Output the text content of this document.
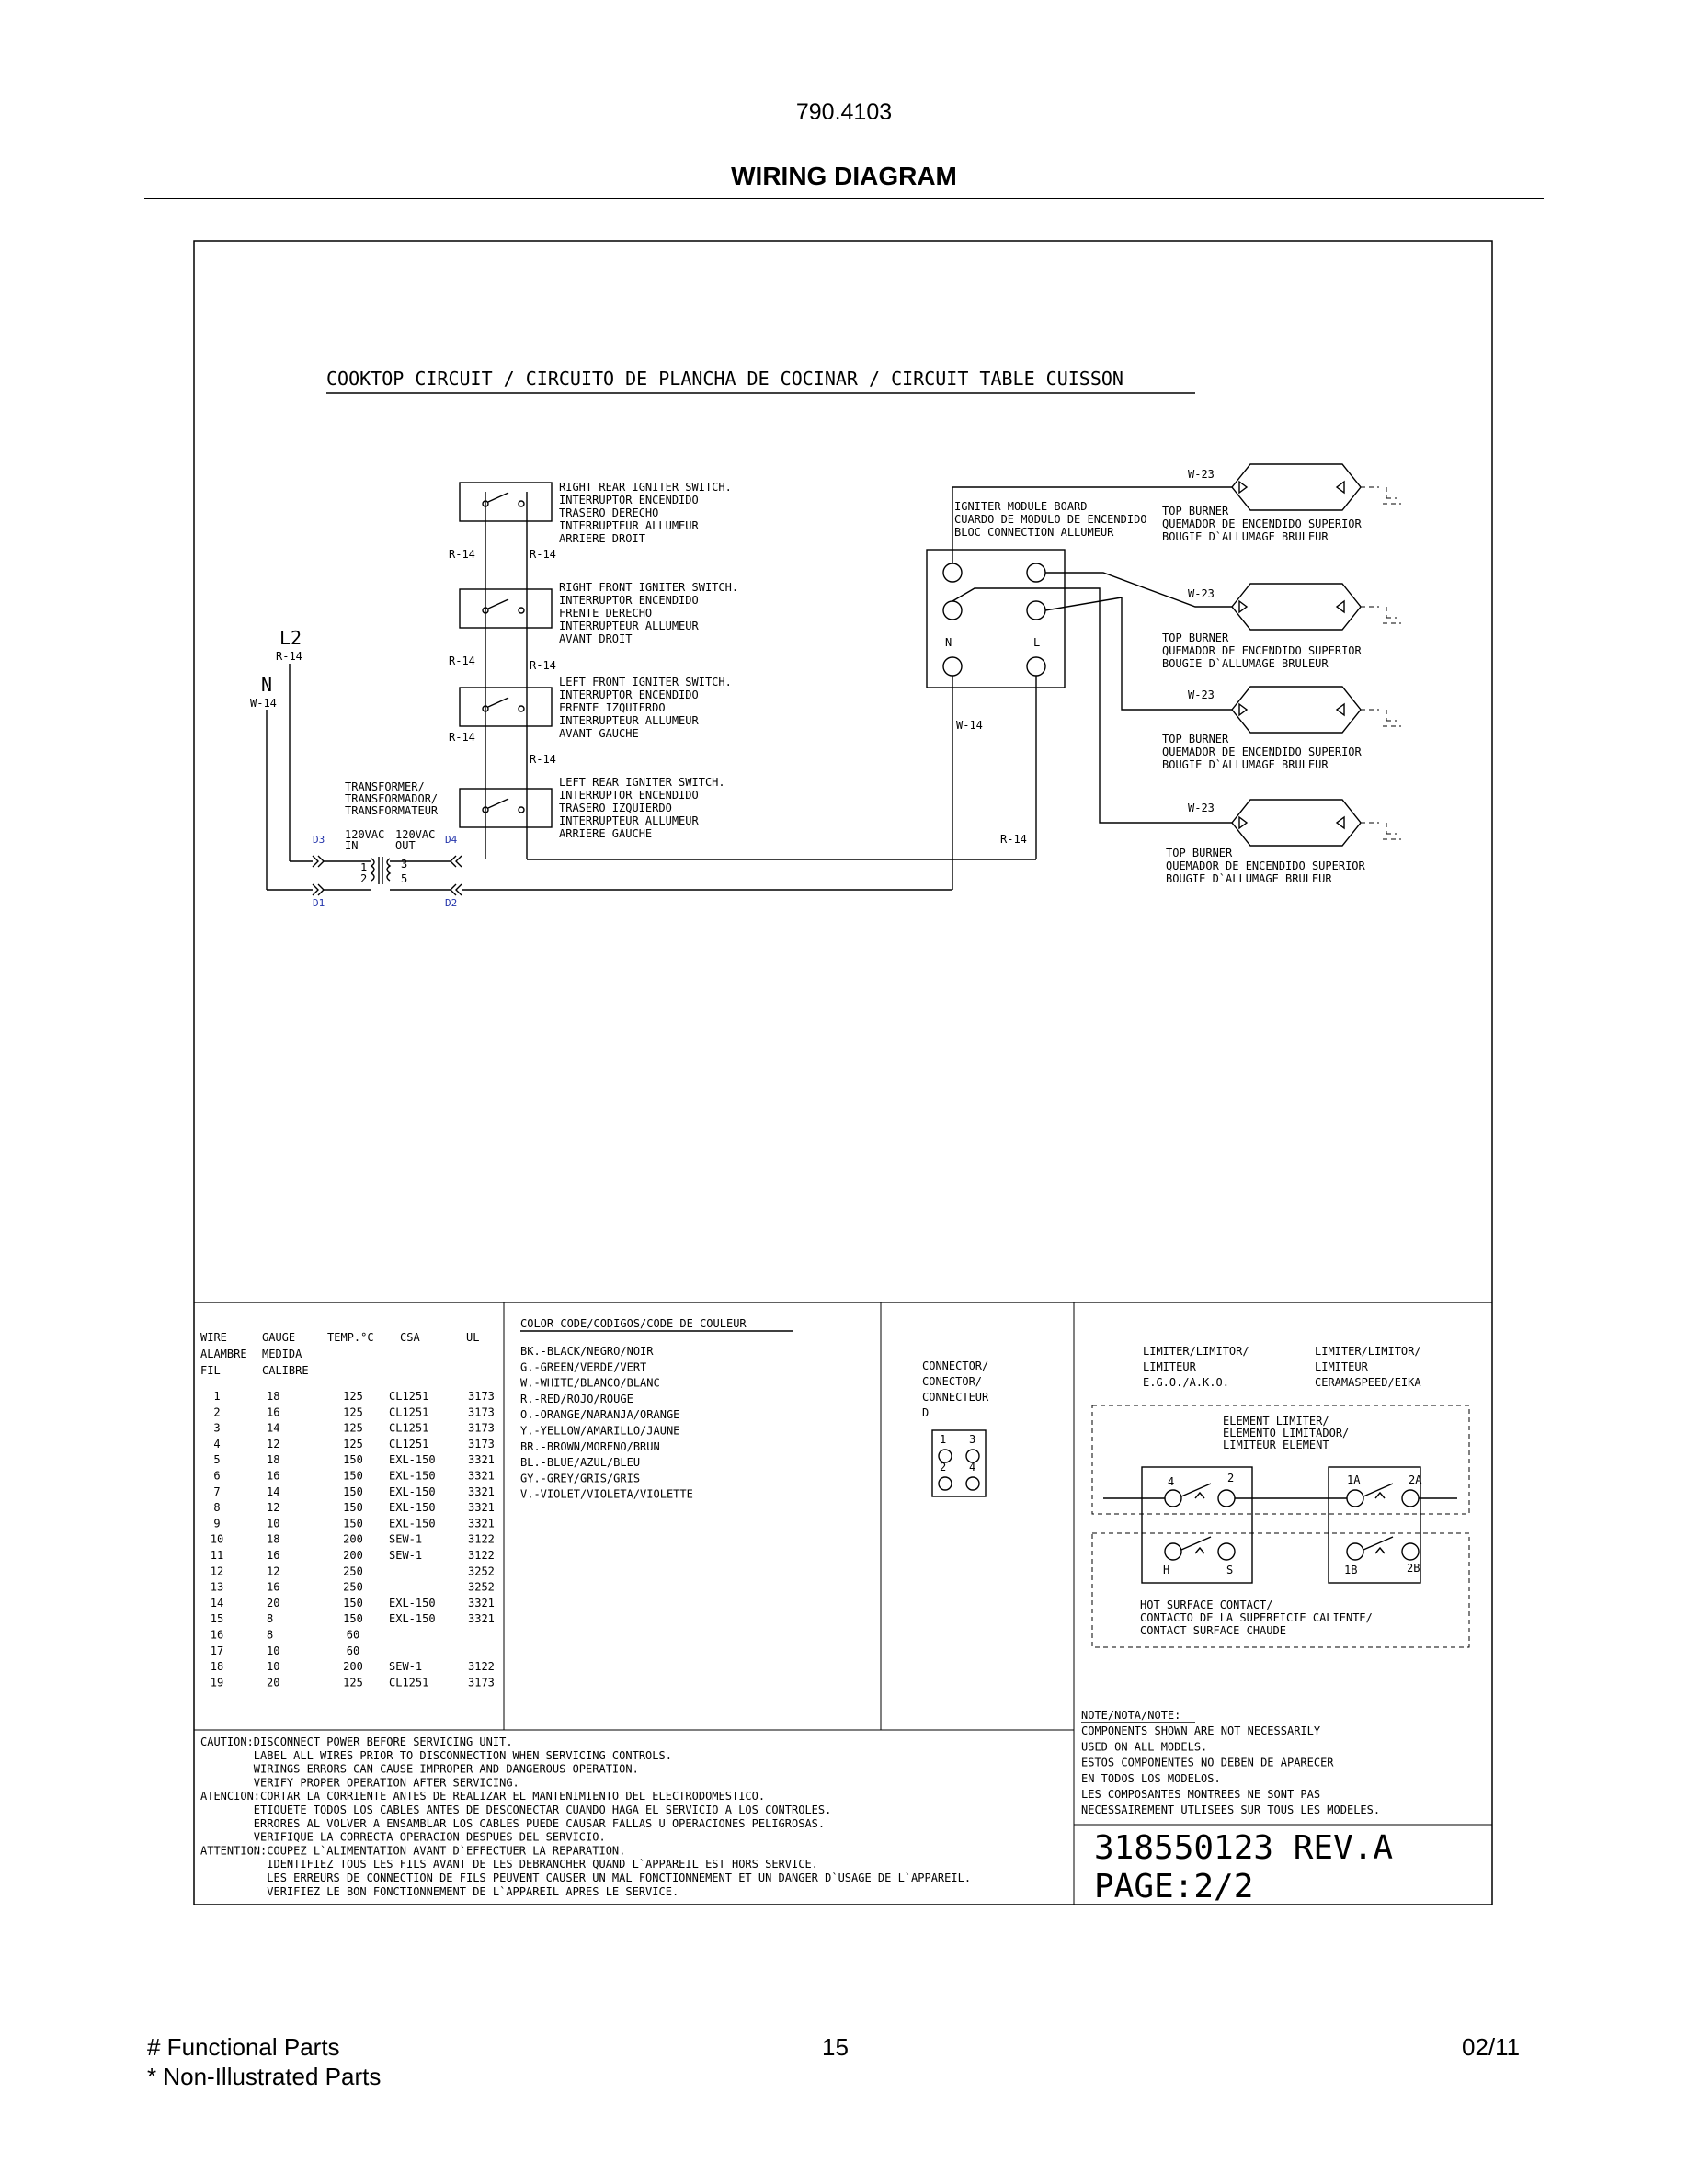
790.4103
WIRING DIAGRAM
COOKTOP CIRCUIT / CIRCUITO DE PLANCHA DE COCINAR / CIRCUIT TABLE CUISSON
L2
R-14
N
W-14
R-14	R-14
R-14	R-14
R-14
R-14
RIGHT REAR IGNITER SWITCH.
INTERRUPTOR ENCENDIDO
TRASERO DERECHO
INTERRUPTEUR ALLUMEUR
ARRIERE DROIT
RIGHT FRONT IGNITER SWITCH.
INTERRUPTOR ENCENDIDO
FRENTE DERECHO
INTERRUPTEUR ALLUMEUR
AVANT DROIT
LEFT FRONT IGNITER SWITCH.
INTERRUPTOR ENCENDIDO
FRENTE IZQUIERDO
INTERRUPTEUR ALLUMEUR
AVANT GAUCHE
LEFT REAR IGNITER SWITCH.
INTERRUPTOR ENCENDIDO
TRASERO IZQUIERDO
INTERRUPTEUR ALLUMEUR
ARRIERE GAUCHE
TRANSFORMER/
TRANSFORMADOR/
TRANSFORMATEUR
120VAC
IN
120VAC
OUT
1
2
3
5
D3	D4
D1	D2
IGNITER MODULE BOARD
CUARDO DE MODULO DE ENCENDIDO
BLOC CONNECTION ALLUMEUR
N	L
W-14
R-14
W-23
TOP BURNER
QUEMADOR DE ENCENDIDO SUPERIOR
BOUGIE D`ALLUMAGE BRULEUR
W-23
TOP BURNER
QUEMADOR DE ENCENDIDO SUPERIOR
BOUGIE D`ALLUMAGE BRULEUR
W-23
TOP BURNER
QUEMADOR DE ENCENDIDO SUPERIOR
BOUGIE D`ALLUMAGE BRULEUR
W-23
TOP BURNER
QUEMADOR DE ENCENDIDO SUPERIOR
BOUGIE D`ALLUMAGE BRULEUR
WIRE	GAUGE	TEMP.°C CSA	UL
ALAMBRE MEDIDA
FIL	CALIBRE
1	18	125 CL1251	3173
2	16	125 CL1251	3173
3	14	125 CL1251	3173
4	12	125 CL1251	3173
5	18	150 EXL-150	3321
6	16	150 EXL-150	3321
7	14	150 EXL-150	3321
8	12	150 EXL-150	3321
9	10	150 EXL-150	3321
10	18	200 SEW-1	3122
11	16	200 SEW-1	3122
12	12	250	3252
13	16	250	3252
14	20	150 EXL-150	3321
15	8	150 EXL-150	3321
16	8	60
17	10	60
18	10	200 SEW-1	3122
19	20	125 CL1251	3173
COLOR CODE/CODIGOS/CODE DE COULEUR
BK.-BLACK/NEGRO/NOIR
G.-GREEN/VERDE/VERT
W.-WHITE/BLANCO/BLANC
R.-RED/ROJO/ROUGE
O.-ORANGE/NARANJA/ORANGE
Y.-YELLOW/AMARILLO/JAUNE
BR.-BROWN/MORENO/BRUN
BL.-BLUE/AZUL/BLEU
GY.-GREY/GRIS/GRIS
V.-VIOLET/VIOLETA/VIOLETTE
CONNECTOR/
CONECTOR/
CONNECTEUR
D
1 3
2 4
LIMITER/LIMITOR/
LIMITEUR
E.G.O./A.K.O.
LIMITER/LIMITOR/
LIMITEUR
CERAMASPEED/EIKA
ELEMENT LIMITER/
ELEMENTO LIMITADOR/
LIMITEUR ELEMENT
4	2
H	S
1A	2A
1B	2B
HOT SURFACE CONTACT/
CONTACTO DE LA SUPERFICIE CALIENTE/
CONTACT SURFACE CHAUDE
NOTE/NOTA/NOTE:
COMPONENTS SHOWN ARE NOT NECESSARILY
USED ON ALL MODELS.
ESTOS COMPONENTES NO DEBEN DE APARECER
EN TODOS LOS MODELOS.
LES COMPOSANTES MONTREES NE SONT PAS
NECESSAIREMENT UTLISEES SUR TOUS LES MODELES.
CAUTION:DISCONNECT POWER BEFORE SERVICING UNIT.
LABEL ALL WIRES PRIOR TO DISCONNECTION WHEN SERVICING CONTROLS.
WIRINGS ERRORS CAN CAUSE IMPROPER AND DANGEROUS OPERATION.
VERIFY PROPER OPERATION AFTER SERVICING.
ATENCION:CORTAR LA CORRIENTE ANTES DE REALIZAR EL MANTENIMIENTO DEL ELECTRODOMESTICO.
ETIQUETE TODOS LOS CABLES ANTES DE DESCONECTAR CUANDO HAGA EL SERVICIO A LOS CONTROLES.
ERRORES AL VOLVER A ENSAMBLAR LOS CABLES PUEDE CAUSAR FALLAS U OPERACIONES PELIGROSAS.
VERIFIQUE LA CORRECTA OPERACION DESPUES DEL SERVICIO.
ATTENTION:COUPEZ L`ALIMENTATION AVANT D`EFFECTUER LA REPARATION.
IDENTIFIEZ TOUS LES FILS AVANT DE LES DEBRANCHER QUAND L`APPAREIL EST HORS SERVICE.
LES ERREURS DE CONNECTION DE FILS PEUVENT CAUSER UN MAL FONCTIONNEMENT ET UN DANGER D`USAGE DE L`APPAREIL.
VERIFIEZ LE BON FONCTIONNEMENT DE L`APPAREIL APRES LE SERVICE.
318550123 REV.A
PAGE:2/2
# Functional Parts
* Non-Illustrated Parts
15	02/11
